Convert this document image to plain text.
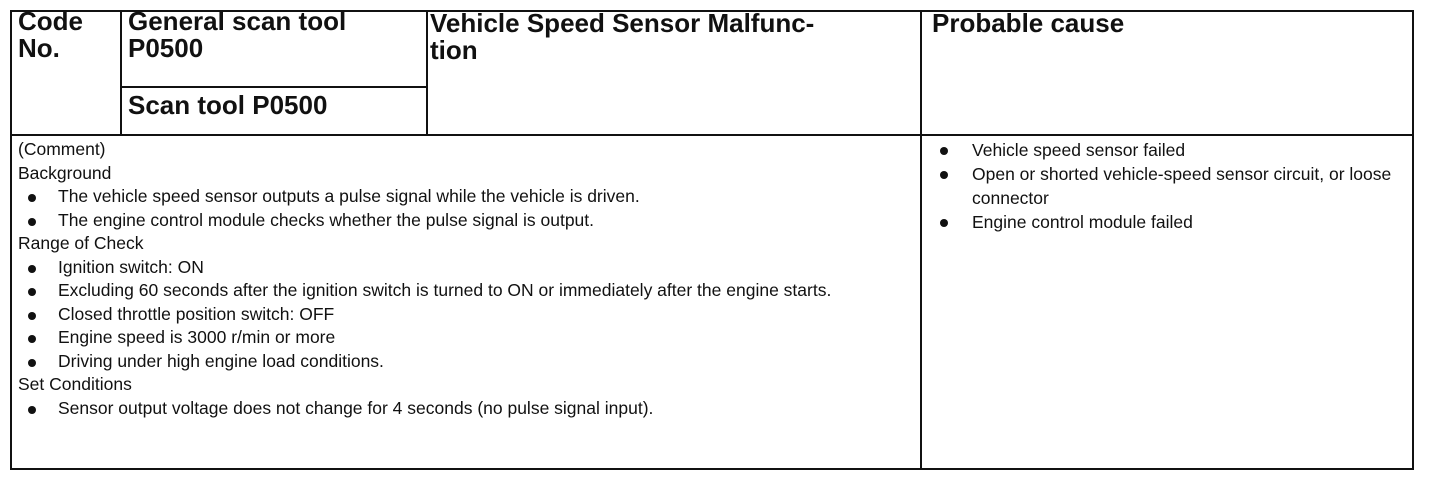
Code
No.
General scan tool
P0500
Scan tool P0500
Vehicle Speed Sensor Malfunc-
tion
Probable cause
(Comment)
Background
The vehicle speed sensor outputs a pulse signal while the vehicle is driven.
The engine control module checks whether the pulse signal is output.
Range of Check
Ignition switch: ON
Excluding 60 seconds after the ignition switch is turned to ON or immediately after the engine starts.
Closed throttle position switch: OFF
Engine speed is 3000 r/min or more
Driving under high engine load conditions.
Set Conditions
Sensor output voltage does not change for 4 seconds (no pulse signal input).
Vehicle speed sensor failed
Open or shorted vehicle-speed sensor circuit, or loose connector
Engine control module failed
